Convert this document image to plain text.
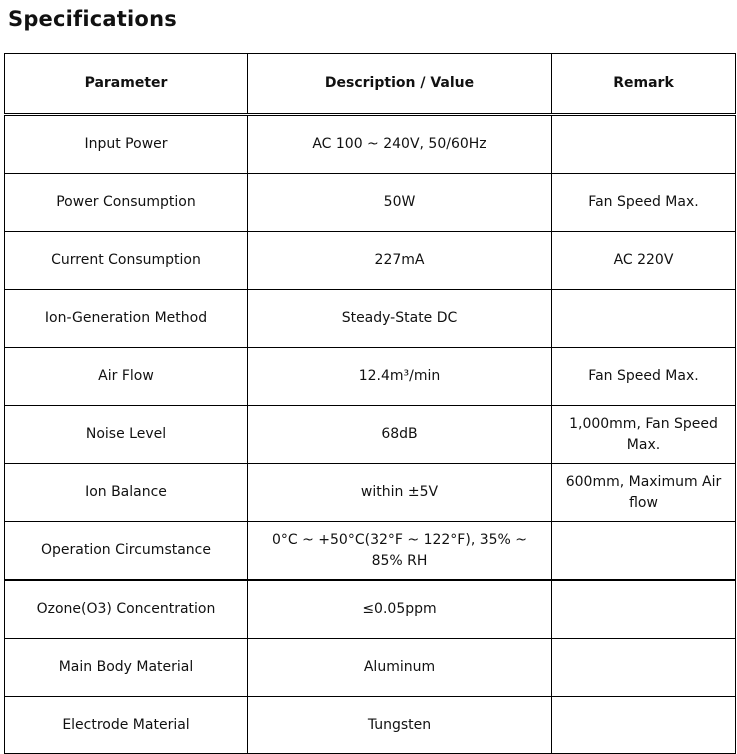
Specifications
Parameter	Description / Value	Remark
Input Power	AC 100 ~ 240V, 50/60Hz	
Power Consumption	50W	Fan Speed Max.
Current Consumption	227mA	AC 220V
Ion-Generation Method	Steady-State DC	
Air Flow	12.4m³/min	Fan Speed Max.
Noise Level	68dB	1,000mm, Fan Speed Max.
Ion Balance	within ±5V	600mm, Maximum Air flow
Operation Circumstance	0°C ~ +50°C(32°F ~ 122°F), 35% ~ 85% RH	
Ozone(O3) Concentration	≤0.05ppm	
Main Body Material	Aluminum	
Electrode Material	Tungsten	
